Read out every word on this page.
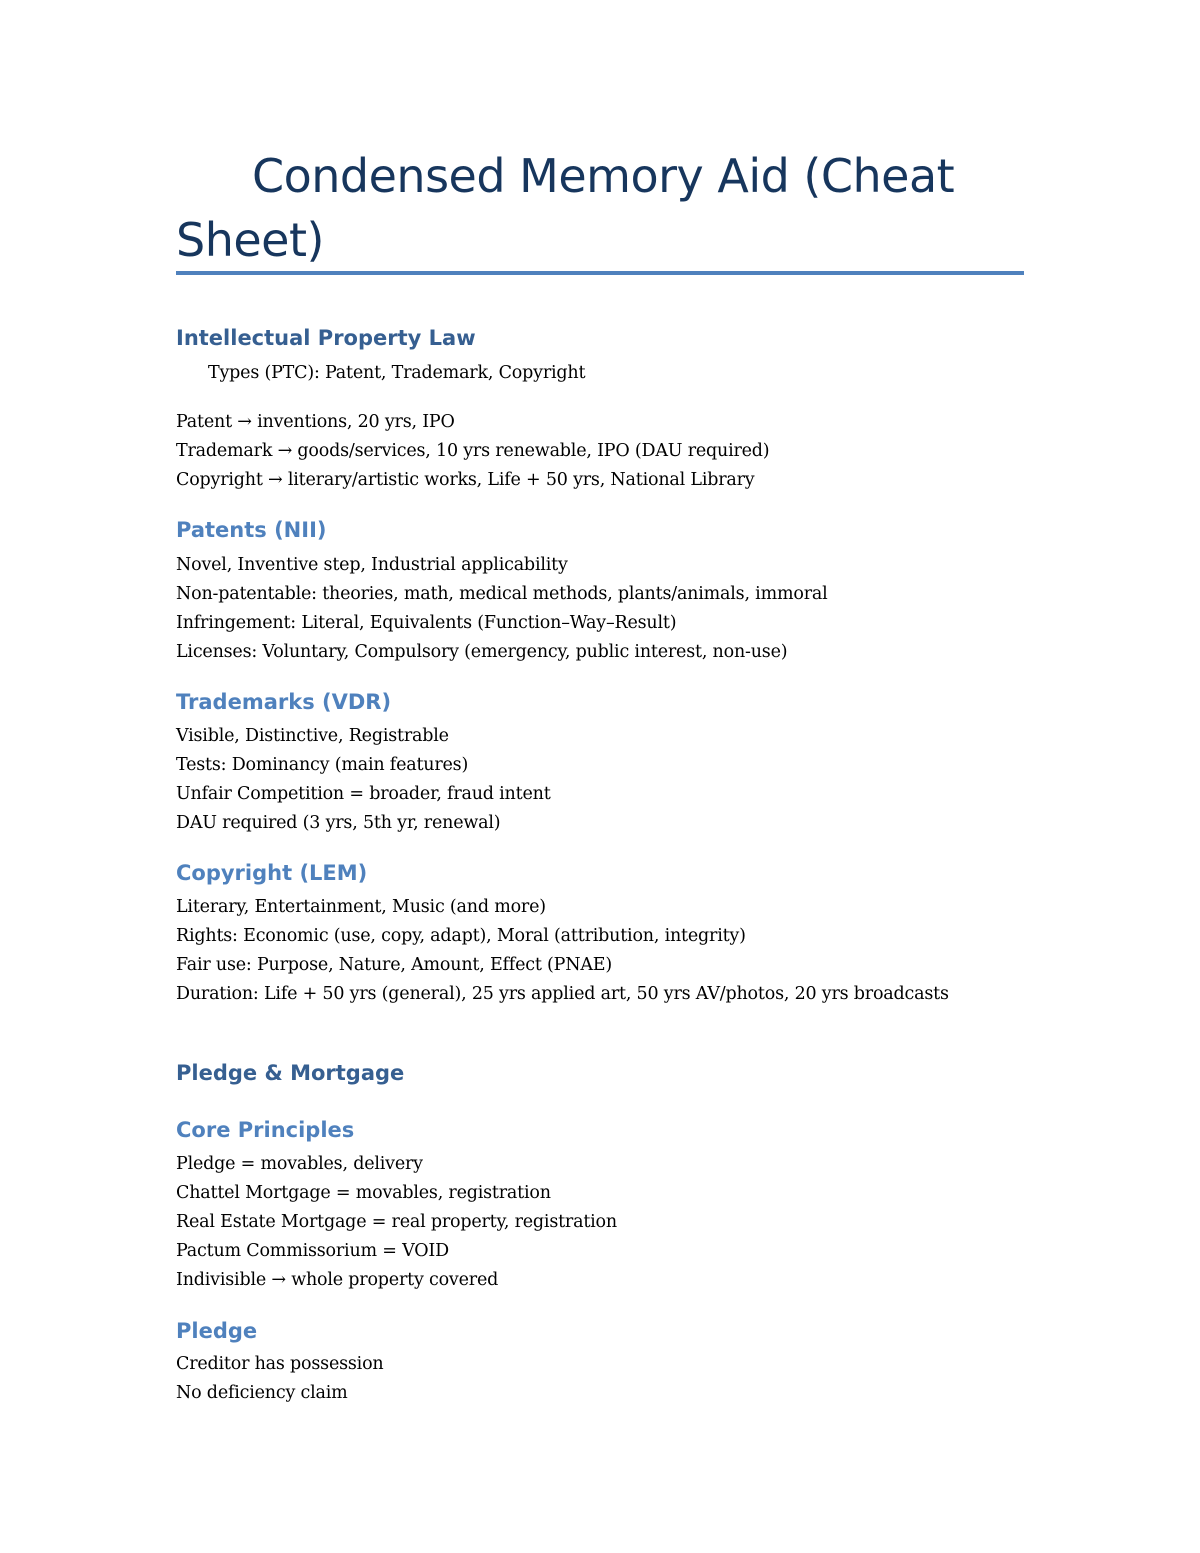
Condensed Memory Aid (Cheat
Sheet)
Intellectual Property Law
Types (PTC): Patent, Trademark, Copyright
Patent → inventions, 20 yrs, IPO
Trademark → goods/services, 10 yrs renewable, IPO (DAU required)
Copyright → literary/artistic works, Life + 50 yrs, National Library
Patents (NII)
Novel, Inventive step, Industrial applicability
Non-patentable: theories, math, medical methods, plants/animals, immoral
Infringement: Literal, Equivalents (Function–Way–Result)
Licenses: Voluntary, Compulsory (emergency, public interest, non-use)
Trademarks (VDR)
Visible, Distinctive, Registrable
Tests: Dominancy (main features)
Unfair Competition = broader, fraud intent
DAU required (3 yrs, 5th yr, renewal)
Copyright (LEM)
Literary, Entertainment, Music (and more)
Rights: Economic (use, copy, adapt), Moral (attribution, integrity)
Fair use: Purpose, Nature, Amount, Effect (PNAE)
Duration: Life + 50 yrs (general), 25 yrs applied art, 50 yrs AV/photos, 20 yrs broadcasts
Pledge & Mortgage
Core Principles
Pledge = movables, delivery
Chattel Mortgage = movables, registration
Real Estate Mortgage = real property, registration
Pactum Commissorium = VOID
Indivisible → whole property covered
Pledge
Creditor has possession
No deficiency claim
